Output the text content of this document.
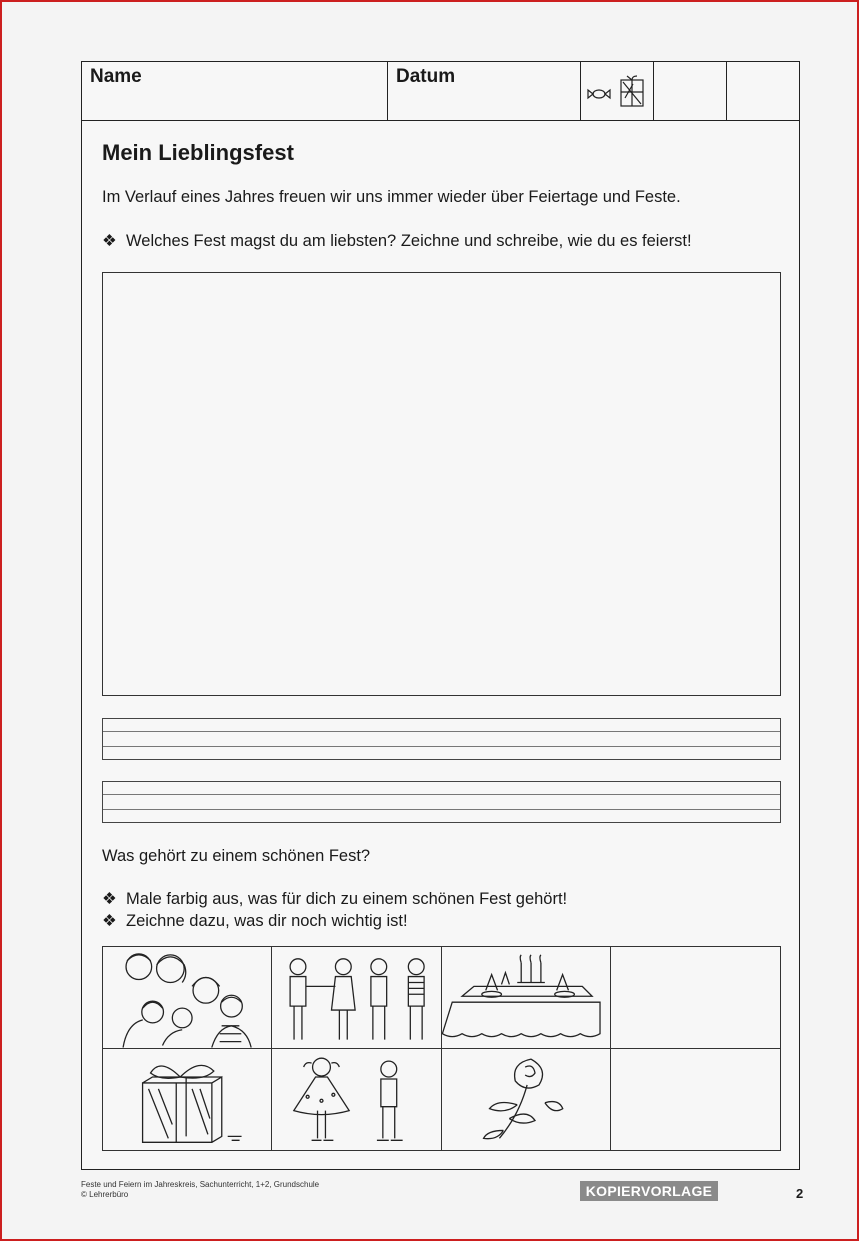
Name	Datum
Mein Lieblingsfest
Im Verlauf eines Jahres freuen wir uns immer wieder über Feiertage und Feste.
❖ Welches Fest magst du am liebsten? Zeichne und schreibe, wie du es feierst!
Was gehört zu einem schönen Fest?
❖ Male farbig aus, was für dich zu einem schönen Fest gehört!
❖ Zeichne dazu, was dir noch wichtig ist!
Feste und Feiern im Jahreskreis, Sachunterricht, 1+2, Grundschule
© Lehrerbüro	KOPIERVORLAGE	2
